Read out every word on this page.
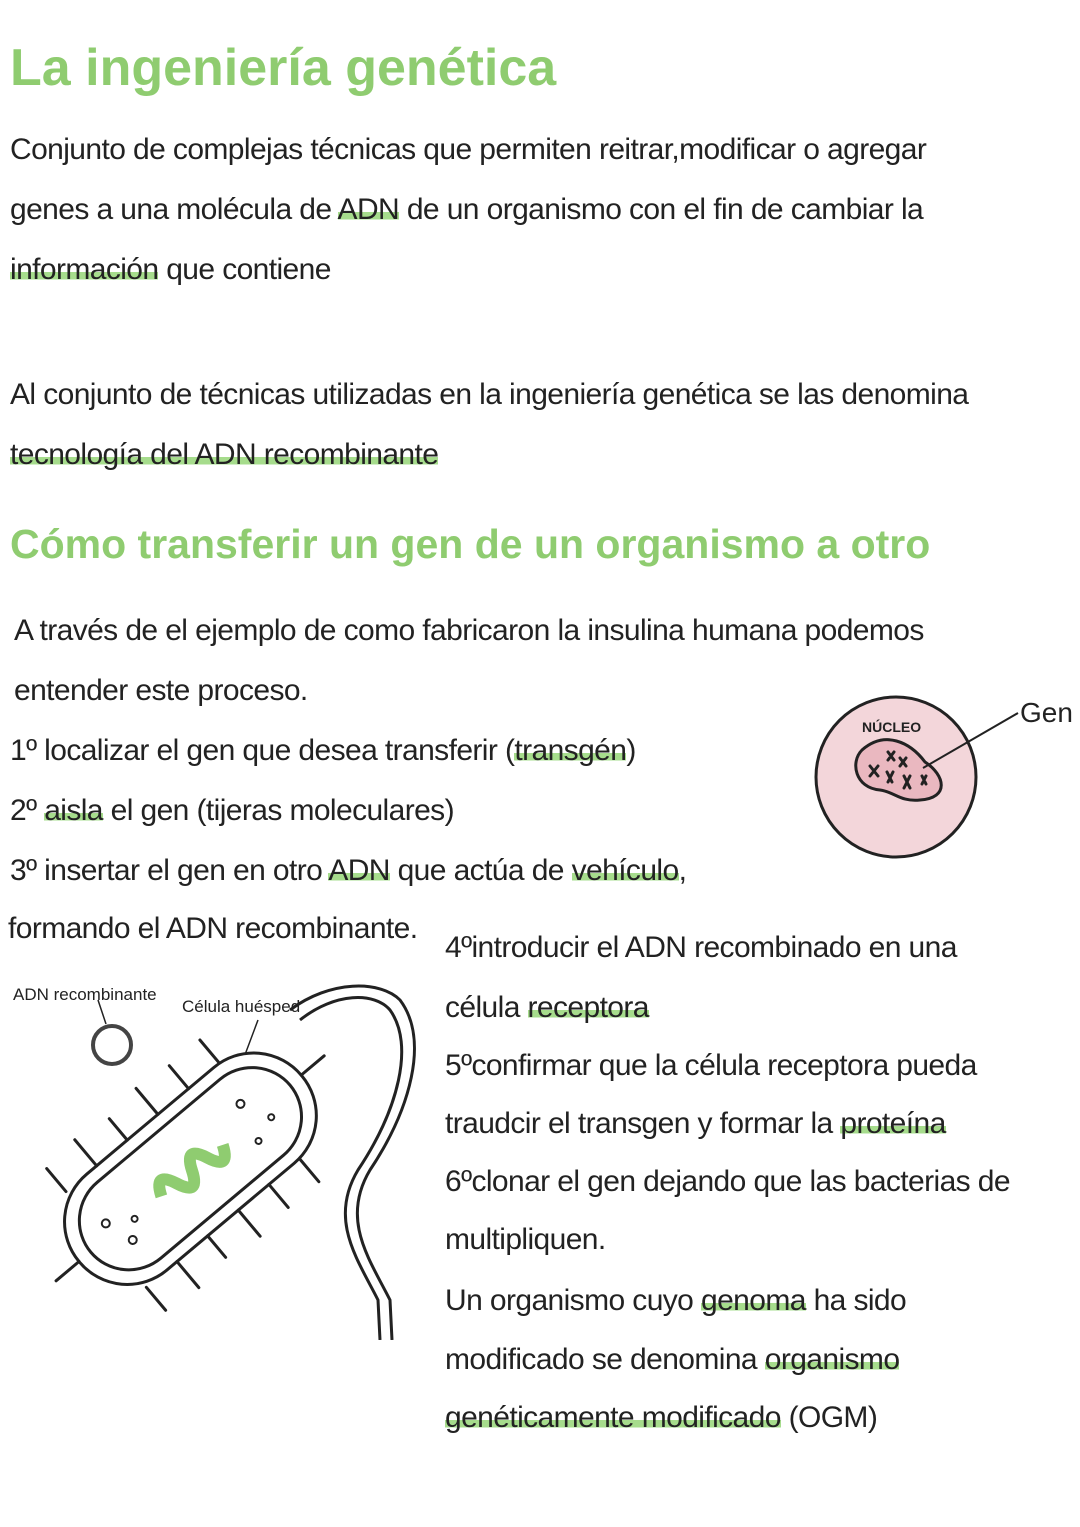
La ingeniería genética
Cómo transferir un gen de un organismo a otro
Conjunto de complejas técnicas que permiten reitrar,modificar o agregar
genes a una molécula de ADN de un organismo con el fin de cambiar la
información que contiene
Al conjunto de técnicas utilizadas en la ingeniería genética se las denomina
tecnología del ADN recombinante
A través de el ejemplo de como fabricaron la insulina humana podemos
entender este proceso.
1º localizar el gen que desea transferir (transgén)
2º aisla el gen (tijeras moleculares)
3º insertar el gen en otro ADN que actúa de vehículo,
formando el ADN recombinante.
4ºintroducir el ADN recombinado en una
célula receptora
5ºconfirmar que la célula receptora pueda
traudcir el transgen y formar la proteína
6ºclonar el gen dejando que las bacterias de
multipliquen.
Un organismo cuyo genoma ha sido
modificado se denomina organismo
genéticamente modificado (OGM)
NÚCLEO	Gen
ADN recombinante
Célula huésped
